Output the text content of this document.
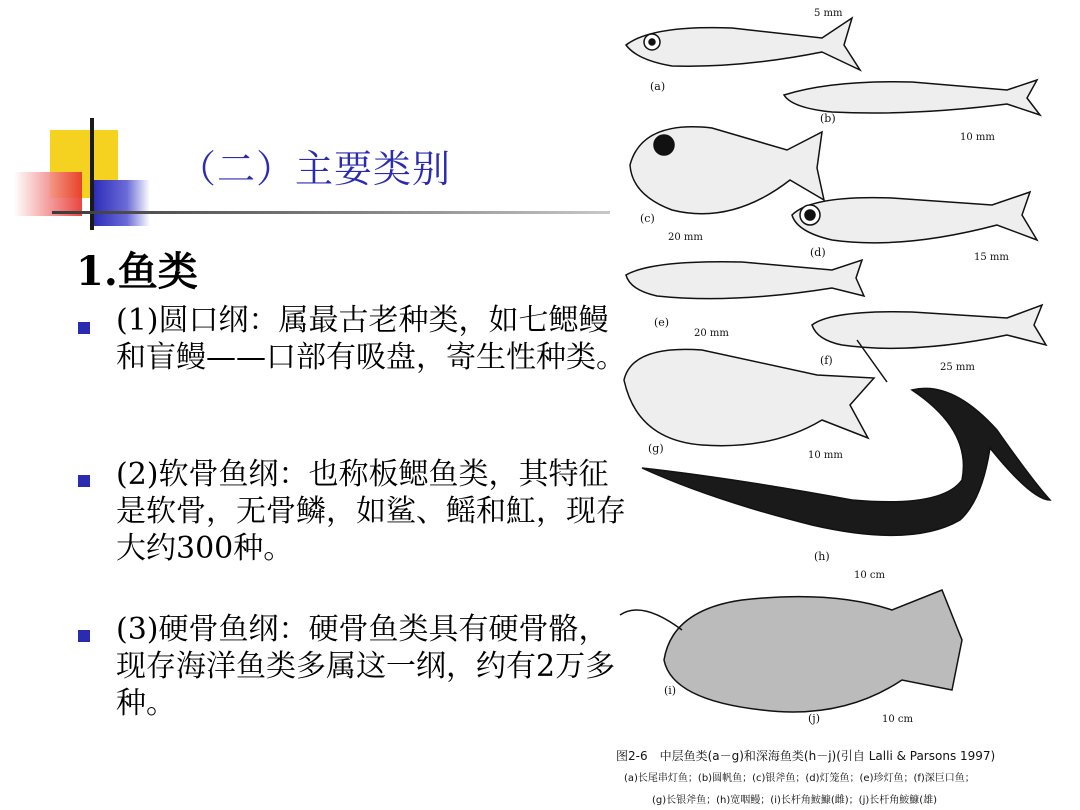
（二）主要类别
1.鱼类
(1)圆口纲：属最古老种类，如七鳃鳗和盲鳗——口部有吸盘，寄生性种类。
(2)软骨鱼纲：也称板鳃鱼类，其特征是软骨，无骨鳞，如鲨、鳐和魟，现存大约300种。
(3)硬骨鱼纲：硬骨鱼类具有硬骨骼，现存海洋鱼类多属这一纲，约有2万多种。
(a)
(b)
(c)
(d)
(e)
(f)
(g)
(h)
(i)
(j)
5 mm
10 mm
20 mm
15 mm
20 mm
25 mm
10 mm
10 cm
10 cm
图2-6　中层鱼类(a－g)和深海鱼类(h－j)(引自 Lalli & Parsons 1997)
(a)长尾串灯鱼；(b)圆帆鱼；(c)银斧鱼；(d)灯笼鱼；(e)珍灯鱼；(f)深巨口鱼；
(g)长银斧鱼；(h)宽咽鳗；(i)长杆角鮟鱇(雌)；(j)长杆角鮟鱇(雄)
